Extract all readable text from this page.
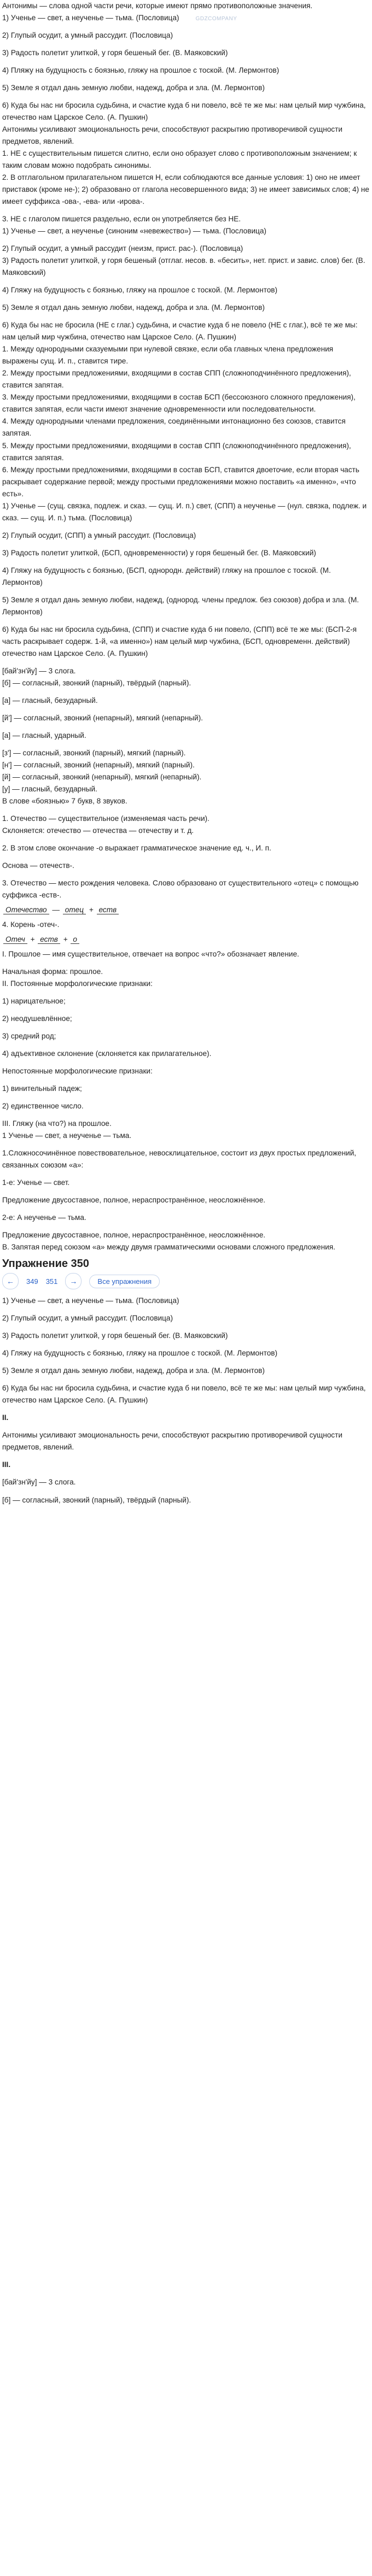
Антонимы — слова одной части речи, которые имеют прямо противоположные значения.

1) Ученье — свет, а неученье — тьма. (Пословица)	GDZCOMPANY

2) Глупый осудит, а умный рассудит. (Пословица)

3) Радость полетит улиткой, у горя бешеный бег. (В. Маяковский)

4) Пляжу на будущность с боязнью, гляжу на прошлое с тоской. (М. Лермонтов)

5) Земле я отдал дань земную любви, надежд, добра и зла. (М. Лермонтов)

6) Куда бы нас ни бросила судьбина, и счастие куда б ни повело, всё те же мы: нам целый мир чужбина, отечество нам Царское Село. (А. Пушкин)

Антонимы усиливают эмоциональность речи, способствуют раскрытию противоречивой сущности предметов, явлений.

1. НЕ с существительным пишется слитно, если оно образует слово с противоположным значением; к таким словам можно подобрать синонимы.

2. В отглагольном прилагательном пишется Н, если соблюдаются все данные условия: 1) оно не имеет приставок (кроме не-); 2) образовано от глагола несовершенного вида; 3) не имеет зависимых слов; 4) не имеет суффикса -ова-, -ева- или -ирова-.

3. НЕ с глаголом пишется раздельно, если он употребляется без НЕ.

1) Ученье — свет, а неученье (синоним «невежество») — тьма. (Пословица)

2) Глупый осудит, а умный рассудит (неизм, прист. рас-). (Пословица)

3) Радость полетит улиткой, у горя бешеный (отглаг. несов. в. «бесить», нет. прист. и завис. слов) бег. (В. Маяковский)

4) Гляжу на будущность с боязнью, гляжу на прошлое с тоской. (М. Лермонтов)

5) Земле я отдал дань земную любви, надежд, добра и зла. (М. Лермонтов)

6) Куда бы нас не бросила (НЕ с глаг.) судьбина, и счастие куда б не повело (НЕ с глаг.), всё те же мы: нам целый мир чужбина, отечество нам Царское Село. (А. Пушкин)

1. Между однородными сказуемыми при нулевой связке, если оба главных члена предложения выражены сущ. И. п., ставится тире.

2. Между простыми предложениями, входящими в состав СПП (сложноподчинённого предложения), ставится запятая.

3. Между простыми предложениями, входящими в состав БСП (бессоюзного сложного предложения), ставится запятая, если части имеют значение одновременности или последовательности.

4. Между однородными членами предложения, соединёнными интонационно без союзов, ставится запятая.

5. Между простыми предложениями, входящими в состав СПП (сложноподчинённого предложения), ставится запятая.

6. Между простыми предложениями, входящими в состав БСП, ставится двоеточие, если вторая часть раскрывает содержание первой; между простыми предложениями можно поставить «а именно», «что есть».

1) Ученье — (сущ. связка, подлеж. и сказ. — сущ. И. п.) свет, (СПП) а неученье — (нул. связка, подлеж. и сказ. — сущ. И. п.) тьма. (Пословица)

2) Глупый осудит, (СПП) а умный рассудит. (Пословица)

3) Радость полетит улиткой, (БСП, одновременности) у горя бешеный бег. (В. Маяковский)

4) Гляжу на будущность с боязнью, (БСП, однородн. действий) гляжу на прошлое с тоской. (М. Лермонтов)

5) Земле я отдал дань земную любви, надежд, (однород. члены предлож. без союзов) добра и зла. (М. Лермонтов)

6) Куда бы нас ни бросила судьбина, (СПП) и счастие куда б ни повело, (СПП) всё те же мы: (БСП-2-я часть раскрывает содерж. 1-й, «а именно») нам целый мир чужбина, (БСП, одновременн. действий) отечество нам Царское Село. (А. Пушкин)

[бай'зн'йу] — 3 слога.

[б] — согласный, звонкий (парный), твёрдый (парный).

[а] — гласный, безударный.

[й'] — согласный, звонкий (непарный), мягкий (непарный).

[а] — гласный, ударный.

[з'] — согласный, звонкий (парный), мягкий (парный).

[н'] — согласный, звонкий (непарный), мягкий (парный).

[й] — согласный, звонкий (непарный), мягкий (непарный).

[у] — гласный, безударный.

В слове «боязнью» 7 букв, 8 звуков.

1. Отечество — существительное (изменяемая часть речи).

Склоняется: отечество — отечества — отечеству и т. д.

2. В этом слове окончание -о выражает грамматическое значение ед. ч., И. п.

Основа — отечеств-.

3. Отечество — место рождения человека. Слово образовано от существительного «отец» с помощью суффикса -еств-.

Отечество — отец + еств

4. Корень -отеч-.

Отеч + еств + о

I. Прошлое — имя существительное, отвечает на вопрос «что?» обозначает явление.

Начальная форма: прошлое.

II. Постоянные морфологические признаки:

1) нарицательное;

2) неодушевлённое;

3) средний род;

4) адъективное склонение (склоняется как прилагательное).

Непостоянные морфологические признаки:

1) винительный падеж;

2) единственное число.

III. Гляжу (на что?) на прошлое.

1 Ученье — свет, а неученье — тьма.

1.Сложносочинённое повествовательное, невосклицательное, состоит из двух простых предложений, связанных союзом «а»:

1-е: Ученье — свет.

Предложение двусоставное, полное, нераспространённое, неосложнённое.

2-е: А неученье — тьма.

Предложение двусоставное, полное, нераспространённое, неосложнённое.

В. Запятая перед союзом «а» между двумя грамматическими основами сложного предложения.

Упражнение 350
←	349 351	→	Все упражнения

1) Ученье — свет, а неученье — тьма. (Пословица)

2) Глупый осудит, а умный рассудит. (Пословица)

3) Радость полетит улиткой, у горя бешеный бег. (В. Маяковский)

4) Гляжу на будущность с боязнью, гляжу на прошлое с тоской. (М. Лермонтов)

5) Земле я отдал дань земную любви, надежд, добра и зла. (М. Лермонтов)

6) Куда бы нас ни бросила судьбина, и счастие куда б ни повело, всё те же мы: нам целый мир чужбина, отечество нам Царское Село. (А. Пушкин)

II.

Антонимы усиливают эмоциональность речи, способствуют раскрытию противоречивой сущности предметов, явлений.

III.

[бай'зн'йу] — 3 слога.

[б] — согласный, звонкий (парный), твёрдый (парный).
